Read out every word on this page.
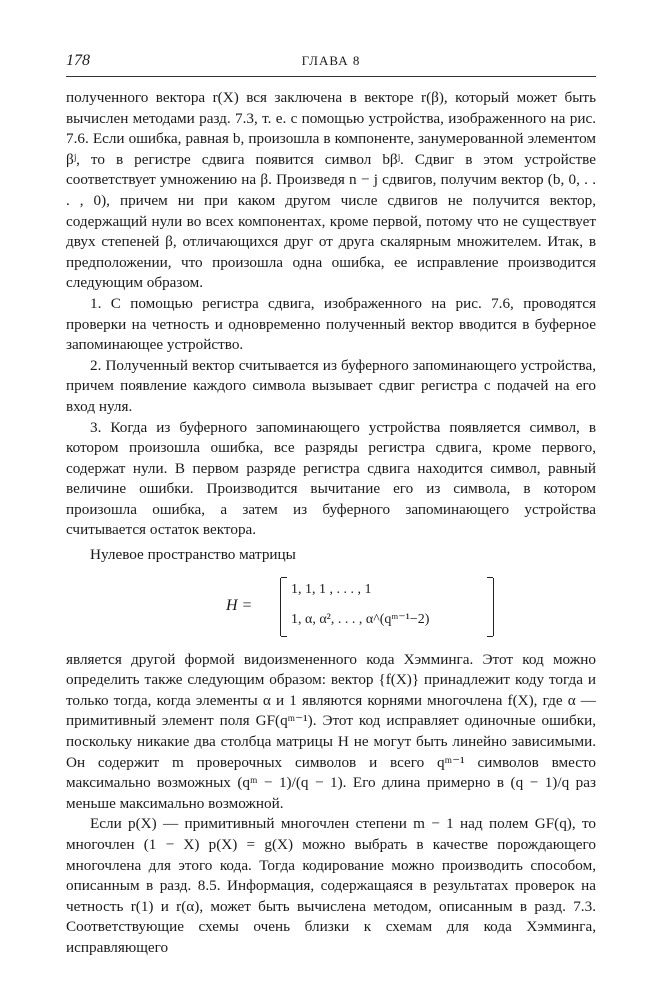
178	ГЛАВА 8

полученного вектора r(X) вся заключена в векторе r(β), который может быть вычислен методами разд. 7.3, т. е. с помощью устройства, изображенного на рис. 7.6. Если ошибка, равная b, произошла в компоненте, занумерованной элементом βʲ, то в регистре сдвига появится символ bβʲ. Сдвиг в этом устройстве соответствует умножению на β. Произведя n − j сдвигов, получим вектор (b, 0, . . . , 0), причем ни при каком другом числе сдвигов не получится вектор, содержащий нули во всех компонентах, кроме первой, потому что не существует двух степеней β, отличающихся друг от друга скалярным множителем. Итак, в предположении, что произошла одна ошибка, ее исправление производится следующим образом.

1. С помощью регистра сдвига, изображенного на рис. 7.6, проводятся проверки на четность и одновременно полученный вектор вводится в буферное запоминающее устройство.

2. Полученный вектор считывается из буферного запоминающего устройства, причем появление каждого символа вызывает сдвиг регистра с подачей на его вход нуля.

3. Когда из буферного запоминающего устройства появляется символ, в котором произошла ошибка, все разряды регистра сдвига, кроме первого, содержат нули. В первом разряде регистра сдвига находится символ, равный величине ошибки. Производится вычитание его из символа, в котором произошла ошибка, а затем из буферного запоминающего устройства считывается остаток вектора.

Нулевое пространство матрицы

H =
1, 1, 1 , . . . , 1
1, α, α², . . . , α^(qᵐ⁻¹−2)

является другой формой видоизмененного кода Хэмминга. Этот код можно определить также следующим образом: вектор {f(X)} принадлежит коду тогда и только тогда, когда элементы α и 1 являются корнями многочлена f(X), где α — примитивный элемент поля GF(qᵐ⁻¹). Этот код исправляет одиночные ошибки, поскольку никакие два столбца матрицы H не могут быть линейно зависимыми. Он содержит m проверочных символов и всего qᵐ⁻¹ символов вместо максимально возможных (qᵐ − 1)/(q − 1). Его длина примерно в (q − 1)/q раз меньше максимально возможной.

Если p(X) — примитивный многочлен степени m − 1 над полем GF(q), то многочлен (1 − X) p(X) = g(X) можно выбрать в качестве порождающего многочлена для этого кода. Тогда кодирование можно производить способом, описанным в разд. 8.5. Информация, содержащаяся в результатах проверок на четность r(1) и r(α), может быть вычислена методом, описанным в разд. 7.3. Соответствующие схемы очень близки к схемам для кода Хэмминга, исправляющего
